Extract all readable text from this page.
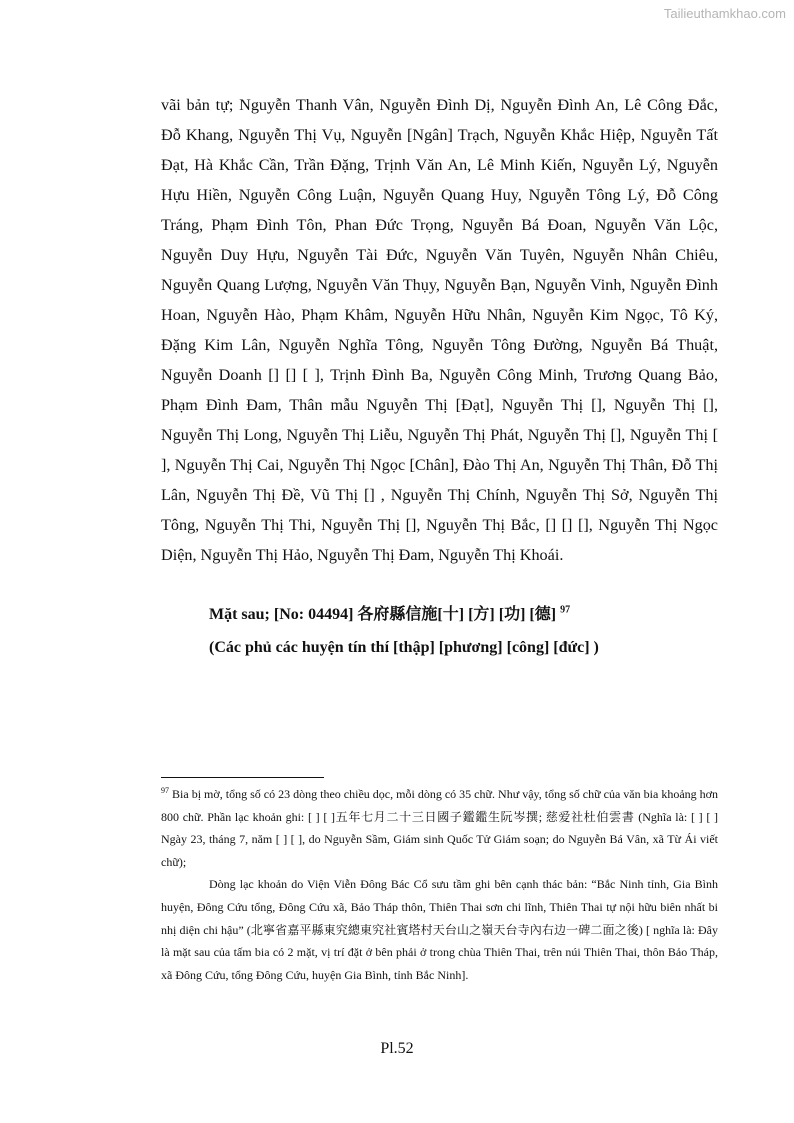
Tailieuthamkhao.com

vãi bản tự; Nguyễn Thanh Vân, Nguyễn Đình Dị, Nguyễn Đình An, Lê Công Đắc, Đỗ Khang, Nguyễn Thị Vụ, Nguyễn [Ngân] Trạch, Nguyễn Khắc Hiệp, Nguyễn Tất Đạt, Hà Khắc Cần, Trần Đặng, Trịnh Văn An, Lê Minh Kiến, Nguyễn Lý, Nguyễn Hựu Hiền, Nguyễn Công Luận, Nguyễn Quang Huy, Nguyễn Tông Lý, Đỗ Công Tráng, Phạm Đình Tôn, Phan Đức Trọng, Nguyễn Bá Đoan, Nguyễn Văn Lộc, Nguyễn Duy Hựu, Nguyễn Tài Đức, Nguyễn Văn Tuyên, Nguyễn Nhân Chiêu, Nguyễn Quang Lượng, Nguyễn Văn Thụy, Nguyễn Bạn, Nguyễn Vinh, Nguyễn Đình Hoan, Nguyễn Hào, Phạm Khâm, Nguyễn Hữu Nhân, Nguyễn Kim Ngọc, Tô Ký, Đặng Kim Lân, Nguyễn Nghĩa Tông, Nguyễn Tông Đường, Nguyễn Bá Thuật, Nguyễn Doanh [] [] [ ], Trịnh Đình Ba, Nguyễn Công Minh, Trương Quang Bảo, Phạm Đình Đam, Thân mẫu Nguyễn Thị [Đạt], Nguyễn Thị [], Nguyễn Thị [], Nguyễn Thị Long, Nguyễn Thị Liễu, Nguyễn Thị Phát, Nguyễn Thị [], Nguyễn Thị [ ], Nguyễn Thị Cai, Nguyễn Thị Ngọc [Chân], Đào Thị An, Nguyễn Thị Thân, Đỗ Thị Lân, Nguyễn Thị Đề, Vũ Thị [] , Nguyễn Thị Chính, Nguyễn Thị Sở, Nguyễn Thị Tông, Nguyễn Thị Thi, Nguyễn Thị [], Nguyễn Thị Bắc, [] [] [], Nguyễn Thị Ngọc Diện, Nguyễn Thị Hảo, Nguyễn Thị Đam, Nguyễn Thị Khoái.

Mặt sau; [No: 04494] 各府縣信施[十] [方] [功] [德] $^{97}$
(Các phủ các huyện tín thí [thập] [phương] [công] [đức] )

$^{97}$ Bia bị mờ, tổng số có 23 dòng theo chiều dọc, mỗi dòng có 35 chữ. Như vậy, tổng số chữ của văn bia khoảng hơn 800 chữ. Phần lạc khoản ghi: [ ] [ ]五年七月二十三日國子鑑鑑生阮岑撰; 慈爱社杜伯雲書 (Nghĩa là: [ ] [ ] Ngày 23, tháng 7, năm [ ] [ ], do Nguyễn Sầm, Giám sinh Quốc Tử Giám soạn; do Nguyễn Bá Vân, xã Từ Ái viết chữ);

Dòng lạc khoản do Viện Viễn Đông Bác Cổ sưu tầm ghi bên cạnh thác bản: “Bắc Ninh tỉnh, Gia Bình huyện, Đông Cứu tổng, Đông Cứu xã, Bảo Tháp thôn, Thiên Thai sơn chi lĩnh, Thiên Thai tự nội hữu biên nhất bi nhị diện chi hậu” (北寧省嘉平縣東究總東究社賓塔村天台山之嶺天台寺內右边一碑二面之後) [ nghĩa là: Đây là mặt sau của tấm bia có 2 mặt, vị trí đặt ở bên phải ở trong chùa Thiên Thai, trên núi Thiên Thai, thôn Bảo Tháp, xã Đông Cứu, tổng Đông Cứu, huyện Gia Bình, tỉnh Bắc Ninh].

Pl.52
